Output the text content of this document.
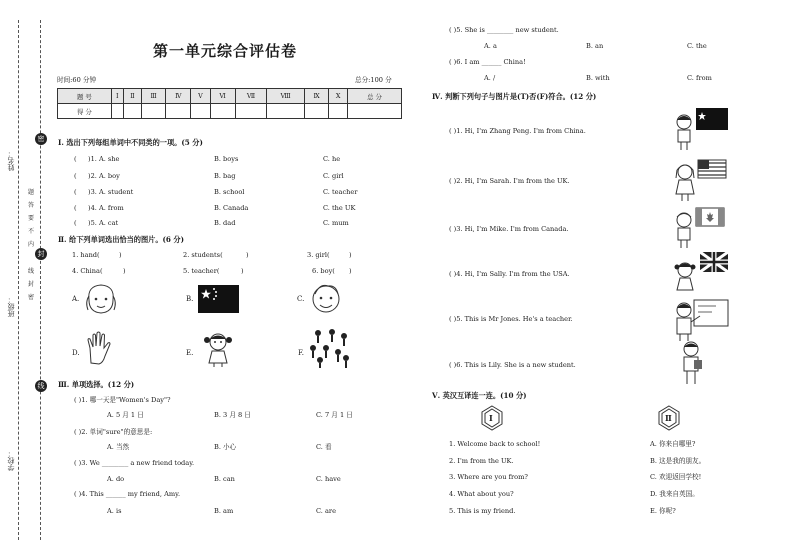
姓名：
班级：
学校：
密
封
线
题
答
要
不
内
线
封
密
第一单元综合评估卷
时间:60 分钟	总分:100 分
题 号	Ⅰ	Ⅱ	Ⅲ	Ⅳ	Ⅴ	Ⅵ	Ⅶ	Ⅷ	Ⅸ	Ⅹ	总 分
得 分											
Ⅰ. 选出下列每组单词中不同类的一项。(5 分)
( )1. A. she	B. boys	C. he
( )2. A. boy	B. bag	C. girl
( )3. A. student	B. school	C. teacher
( )4. A. from	B. Canada	C. the UK
( )5. A. cat	B. dad	C. mum
Ⅱ. 给下列单词选出恰当的图片。(6 分)
1. hand(	)	2. students(	)	3. girl(	)
4. China(	)	5. teacher(	)	6. boy( )
A.	B.	C.
D.	E.	F.
Ⅲ. 单项选择。(12 分)
( )1. 哪一天是"Women's Day"?
A. 5 月 1 日	B. 3 月 8 日	C. 7 月 1 日
( )2. 单词"sure"的意思是:
A. 当然	B. 小心	C. 看
( )3. We ________ a new friend today.
A. do	B. can	C. have
( )4. This ______ my friend, Amy.
A. is	B. am	C. are
( )5. She is ________ new student.
A. a	B. an	C. the
( )6. I am ______ China!
A. /	B. with	C. from
Ⅳ. 判断下列句子与图片是(T)否(F)符合。(12 分)
( )1. Hi, I'm Zhang Peng. I'm from China.
( )2. Hi, I'm Sarah. I'm from the UK.
( )3. Hi, I'm Mike. I'm from Canada.
( )4. Hi, I'm Sally. I'm from the USA.
( )5. This is Mr Jones. He's a teacher.
( )6. This is Lily. She is a new student.
Ⅴ. 英汉互译连一连。(10 分)
Ⅰ	Ⅱ
1. Welcome back to school!
2. I'm from the UK.
3. Where are you from?
4. What about you?
5. This is my friend.
A. 你来自哪里?
B. 这是我的朋友。
C. 欢迎返回学校!
D. 我来自英国。
E. 你呢?
